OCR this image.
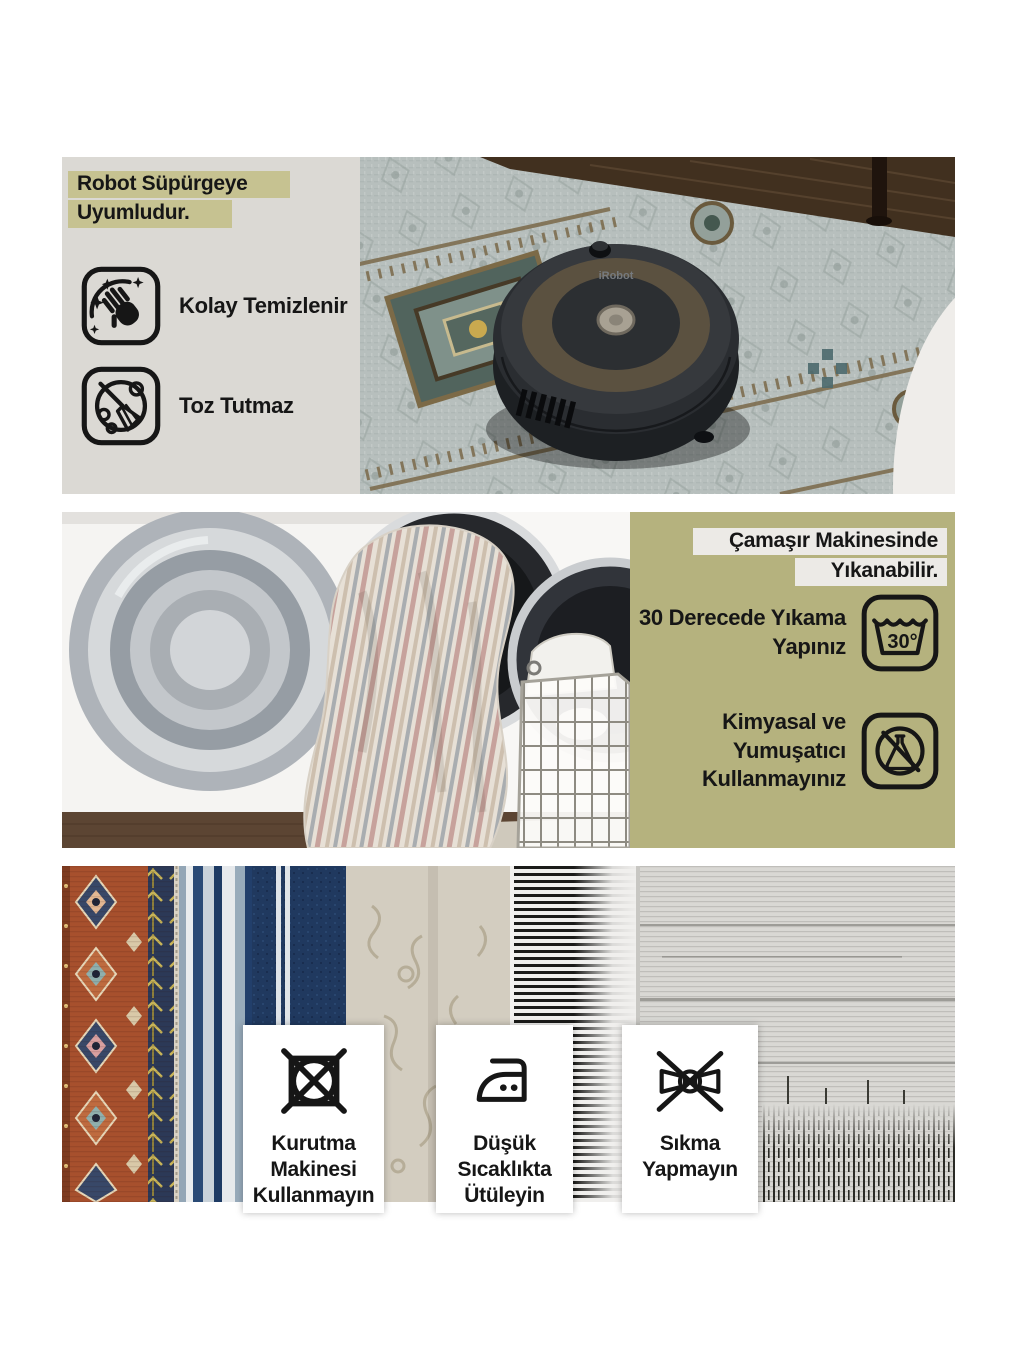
Robot Süpürgeye
Uyumludur.
Kolay Temizlenir
Toz Tutmaz
iRobot
Çamaşır Makinesinde
Yıkanabilir.
30 Derecede Yıkama
Yapınız 30°
Kimyasal ve
Yumuşatıcı
Kullanmayınız
Kurutma
Makinesi
Kullanmayın
Düşük
Sıcaklıkta
Ütüleyin
Sıkma
Yapmayın
